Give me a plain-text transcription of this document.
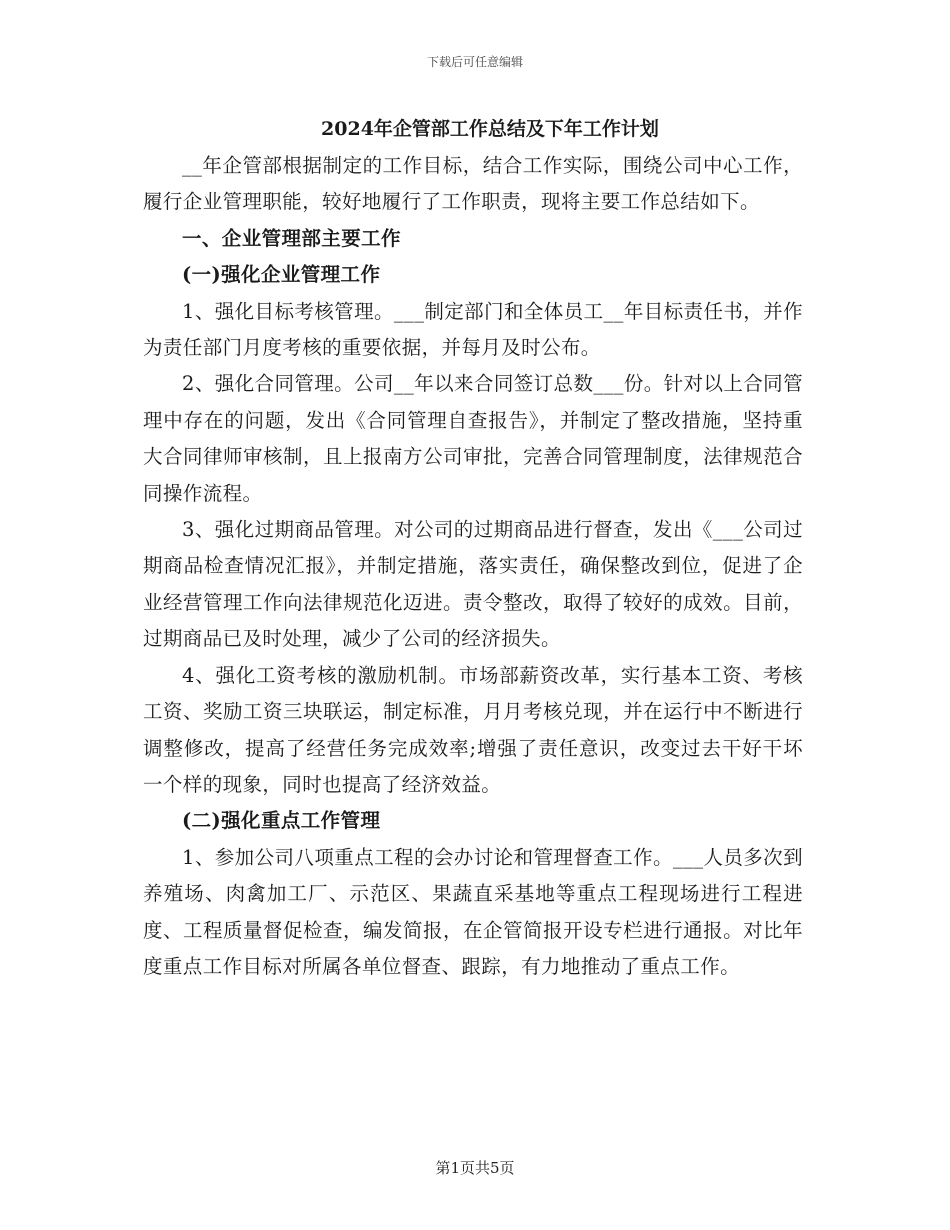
下载后可任意编辑
2024年企管部工作总结及下年工作计划

__年企管部根据制定的工作目标，结合工作实际，围绕公司中心工作，履行企业管理职能，较好地履行了工作职责，现将主要工作总结如下。

一、企业管理部主要工作

(一)强化企业管理工作

1、强化目标考核管理。___制定部门和全体员工__年目标责任书，并作为责任部门月度考核的重要依据，并每月及时公布。

2、强化合同管理。公司__年以来合同签订总数___份。针对以上合同管理中存在的问题，发出《合同管理自查报告》，并制定了整改措施，坚持重大合同律师审核制，且上报南方公司审批，完善合同管理制度，法律规范合同操作流程。

3、强化过期商品管理。对公司的过期商品进行督查，发出《___公司过期商品检查情况汇报》，并制定措施，落实责任，确保整改到位，促进了企业经营管理工作向法律规范化迈进。责令整改，取得了较好的成效。目前，过期商品已及时处理，减少了公司的经济损失。

4、强化工资考核的激励机制。市场部薪资改革，实行基本工资、考核工资、奖励工资三块联运，制定标准，月月考核兑现，并在运行中不断进行调整修改，提高了经营任务完成效率;增强了责任意识，改变过去干好干坏一个样的现象，同时也提高了经济效益。

(二)强化重点工作管理

1、参加公司八项重点工程的会办讨论和管理督查工作。___人员多次到养殖场、肉禽加工厂、示范区、果蔬直采基地等重点工程现场进行工程进度、工程质量督促检查，编发简报，在企管简报开设专栏进行通报。对比年度重点工作目标对所属各单位督查、跟踪，有力地推动了重点工作。

第1页共5页
